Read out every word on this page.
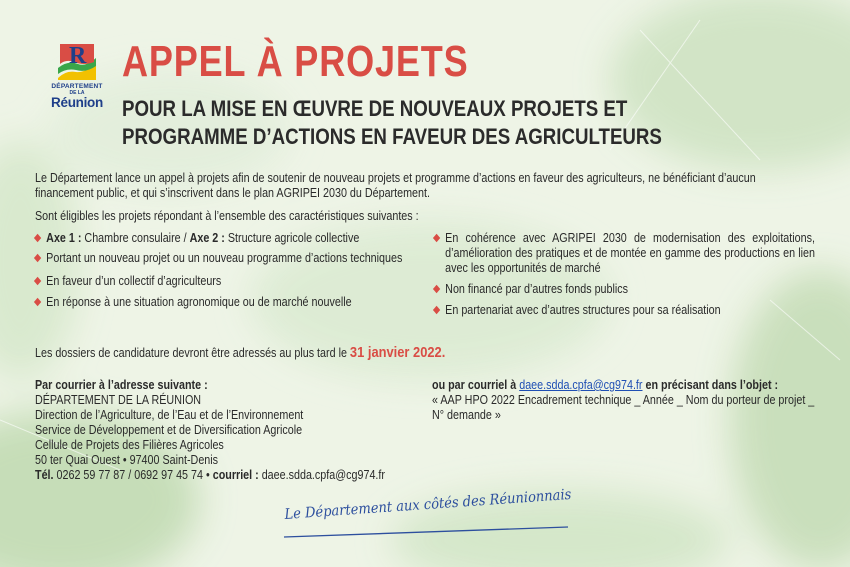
R
DÉPARTEMENT
DE LA
Réunion
APPEL À PROJETS
POUR LA MISE EN ŒUVRE DE NOUVEAUX PROJETS ET
PROGRAMME D’ACTIONS EN FAVEUR DES AGRICULTEURS
Le Département lance un appel à projets afin de soutenir de nouveau projets et programme d’actions en faveur des agriculteurs, ne bénéficiant d’aucun financement public, et qui s’inscrivent dans le plan AGRIPEI 2030 du Département.
Sont éligibles les projets répondant à l’ensemble des caractéristiques suivantes :
Axe 1 : Chambre consulaire / Axe 2 : Structure agricole collective
Portant un nouveau projet ou un nouveau programme d’actions techniques
En faveur d’un collectif d’agriculteurs
En réponse à une situation agronomique ou de marché nouvelle
En cohérence avec AGRIPEI 2030 de modernisation des exploitations, d’amélioration des pratiques et de montée en gamme des productions en lien avec les opportunités de marché
Non financé par d’autres fonds publics
En partenariat avec d’autres structures pour sa réalisation
Les dossiers de candidature devront être adressés au plus tard le 31 janvier 2022.
Par courrier à l’adresse suivante :
DÉPARTEMENT DE LA RÉUNION
Direction de l’Agriculture, de l’Eau et de l’Environnement
Service de Développement et de Diversification Agricole
Cellule de Projets des Filières Agricoles
50 ter Quai Ouest • 97400 Saint-Denis
Tél. 0262 59 77 87 / 0692 97 45 74 • courriel : daee.sdda.cpfa@cg974.fr
ou par courriel à daee.sdda.cpfa@cg974.fr en précisant dans l’objet :
« AAP HPO 2022 Encadrement technique _ Année _ Nom du porteur de projet _ N° demande »
Le Département aux côtés des Réunionnais
